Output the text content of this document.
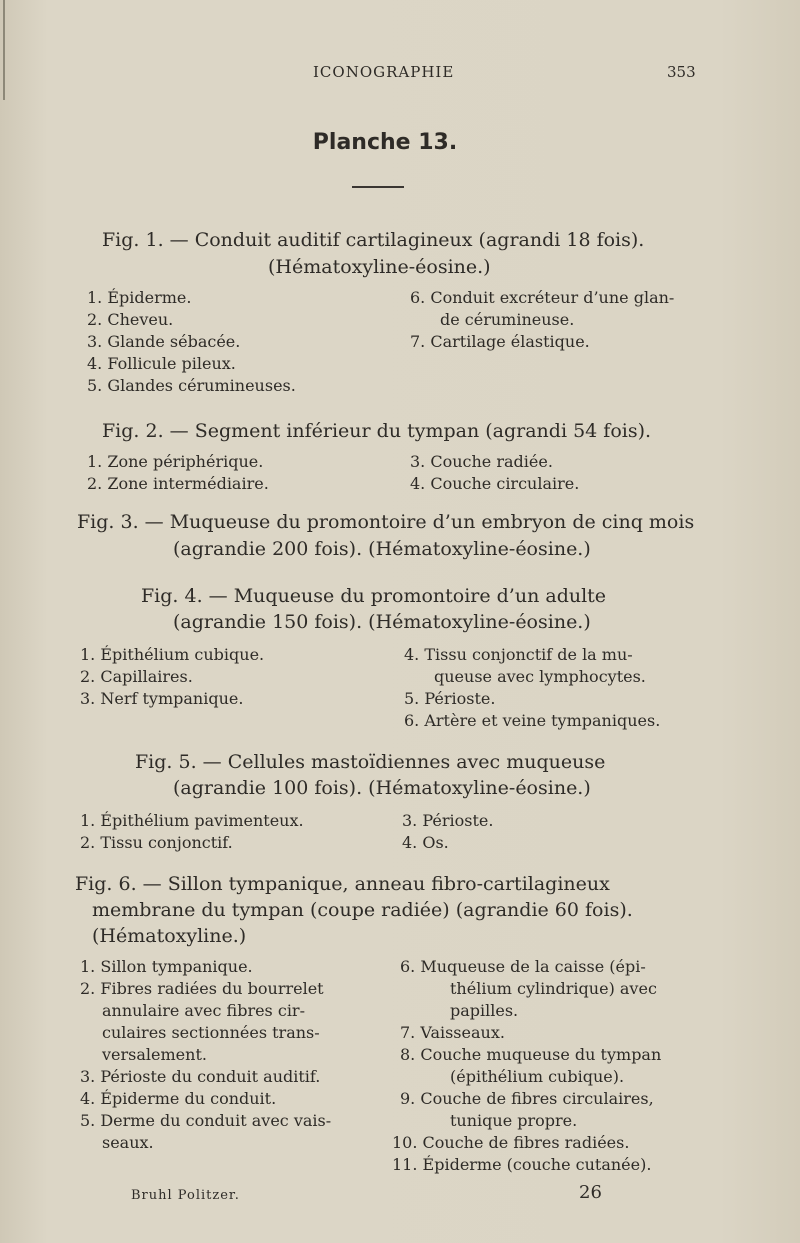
ICONOGRAPHIE	353
Planche 13.
Fig. 1. — Conduit auditif cartilagineux (agrandi 18 fois).
(Hématoxyline-éosine.)
1. Épiderme.
2. Cheveu.
3. Glande sébacée.
4. Follicule pileux.
5. Glandes cérumineuses.
6. Conduit excréteur d’une glan-
de cérumineuse.
7. Cartilage élastique.
Fig. 2. — Segment inférieur du tympan (agrandi 54 fois).
1. Zone périphérique.
2. Zone intermédiaire.
3. Couche radiée.
4. Couche circulaire.
Fig. 3. — Muqueuse du promontoire d’un embryon de cinq mois
(agrandie 200 fois). (Hématoxyline-éosine.)
Fig. 4. — Muqueuse du promontoire d’un adulte
(agrandie 150 fois). (Hématoxyline-éosine.)
1. Épithélium cubique.
2. Capillaires.
3. Nerf tympanique.
4. Tissu conjonctif de la mu-
queuse avec lymphocytes.
5. Périoste.
6. Artère et veine tympaniques.
Fig. 5. — Cellules mastoïdiennes avec muqueuse
(agrandie 100 fois). (Hématoxyline-éosine.)
1. Épithélium pavimenteux.
2. Tissu conjonctif.
3. Périoste.
4. Os.
Fig. 6. — Sillon tympanique, anneau fibro-cartilagineux
membrane du tympan (coupe radiée) (agrandie 60 fois).
(Hématoxyline.)
1. Sillon tympanique.
2. Fibres radiées du bourrelet
annulaire avec fibres cir-
culaires sectionnées trans-
versalement.
3. Périoste du conduit auditif.
4. Épiderme du conduit.
5. Derme du conduit avec vais-
seaux.
6. Muqueuse de la caisse (épi-
thélium cylindrique) avec
papilles.
7. Vaisseaux.
8. Couche muqueuse du tympan
(épithélium cubique).
9. Couche de fibres circulaires,
tunique propre.
10. Couche de fibres radiées.
11. Épiderme (couche cutanée).
Bruhl Politzer.	26
